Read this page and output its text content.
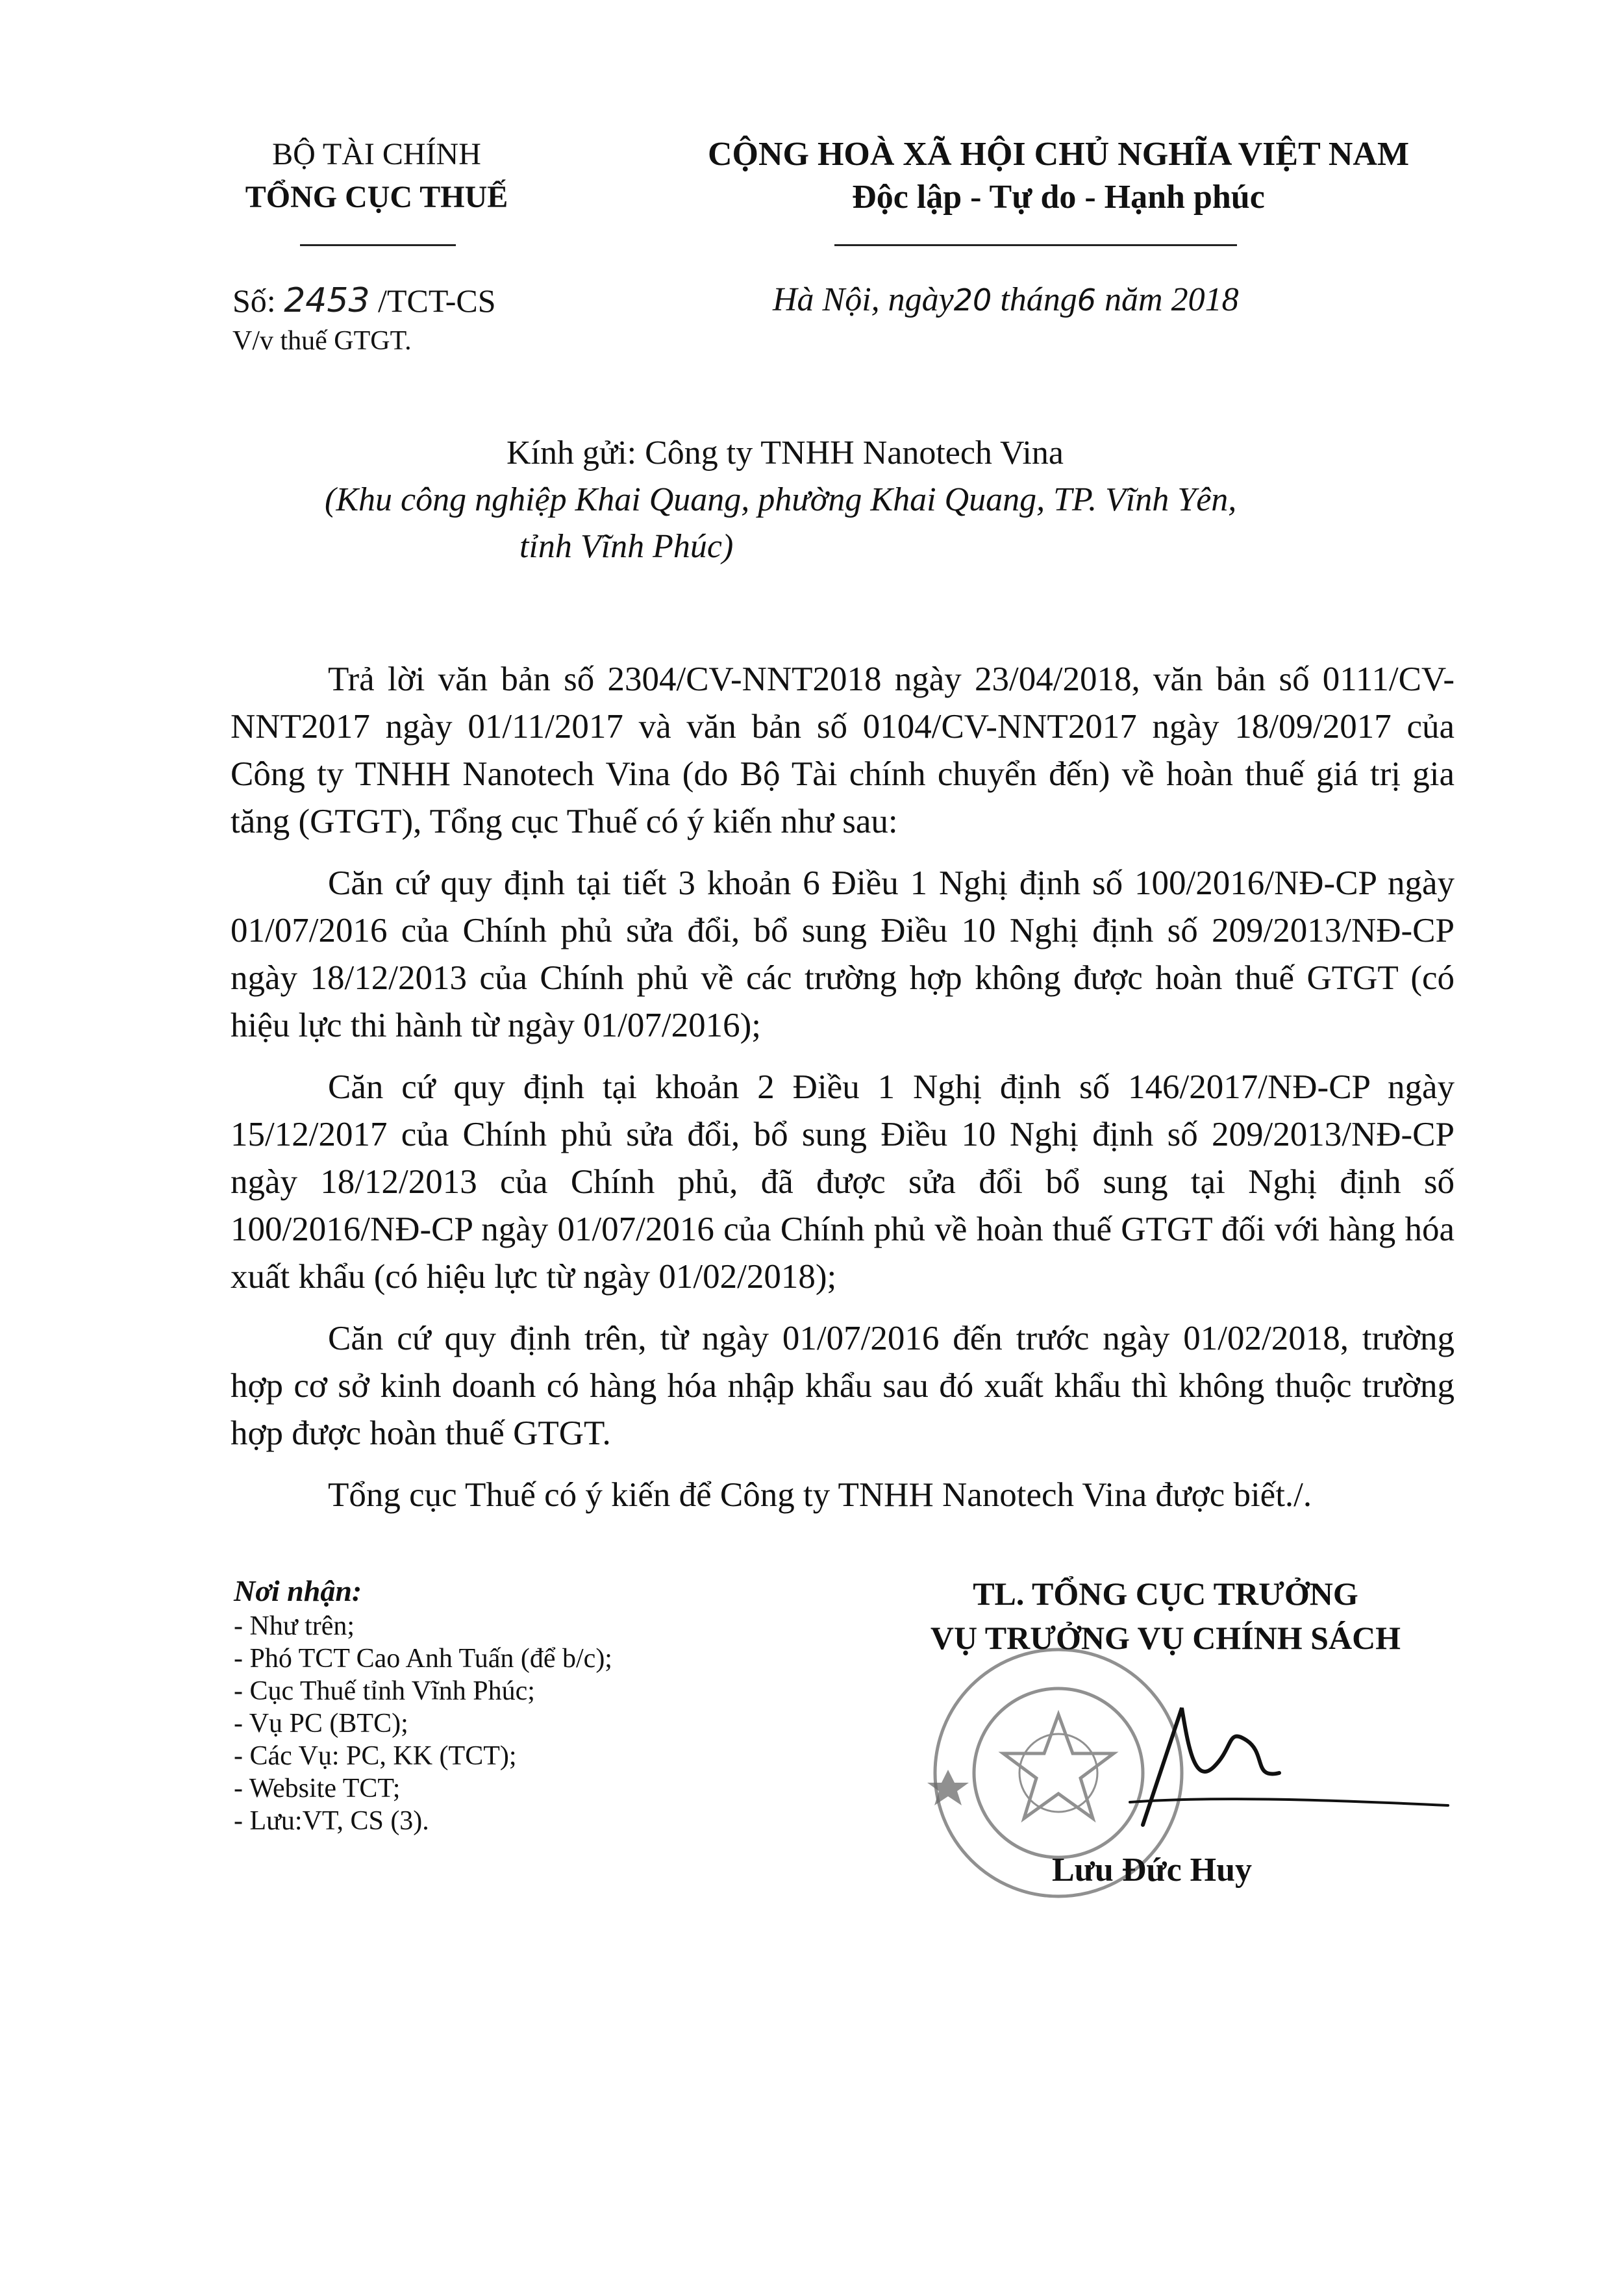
BỘ TÀI CHÍNH
TỔNG CỤC THUẾ
CỘNG HOÀ XÃ HỘI CHỦ NGHĨA VIỆT NAM
Độc lập - Tự do - Hạnh phúc
Số: 2453 /TCT-CS
V/v thuế GTGT.
Hà Nội, ngày20 tháng6 năm 2018
Kính gửi: Công ty TNHH Nanotech Vina
(Khu công nghiệp Khai Quang, phường Khai Quang, TP. Vĩnh Yên,
tỉnh Vĩnh Phúc)

Trả lời văn bản số 2304/CV-NNT2018 ngày 23/04/2018, văn bản số 0111/CV-NNT2017 ngày 01/11/2017 và văn bản số 0104/CV-NNT2017 ngày 18/09/2017 của Công ty TNHH Nanotech Vina (do Bộ Tài chính chuyển đến) về hoàn thuế giá trị gia tăng (GTGT), Tổng cục Thuế có ý kiến như sau:

Căn cứ quy định tại tiết 3 khoản 6 Điều 1 Nghị định số 100/2016/NĐ-CP ngày 01/07/2016 của Chính phủ sửa đổi, bổ sung Điều 10 Nghị định số 209/2013/NĐ-CP ngày 18/12/2013 của Chính phủ về các trường hợp không được hoàn thuế GTGT (có hiệu lực thi hành từ ngày 01/07/2016);

Căn cứ quy định tại khoản 2 Điều 1 Nghị định số 146/2017/NĐ-CP ngày 15/12/2017 của Chính phủ sửa đổi, bổ sung Điều 10 Nghị định số 209/2013/NĐ-CP ngày 18/12/2013 của Chính phủ, đã được sửa đổi bổ sung tại Nghị định số 100/2016/NĐ-CP ngày 01/07/2016 của Chính phủ về hoàn thuế GTGT đối với hàng hóa xuất khẩu (có hiệu lực từ ngày 01/02/2018);

Căn cứ quy định trên, từ ngày 01/07/2016 đến trước ngày 01/02/2018, trường hợp cơ sở kinh doanh có hàng hóa nhập khẩu sau đó xuất khẩu thì không thuộc trường hợp được hoàn thuế GTGT.

Tổng cục Thuế có ý kiến để Công ty TNHH Nanotech Vina được biết./.

Nơi nhận:
- Như trên;
- Phó TCT Cao Anh Tuấn (để b/c);
- Cục Thuế tỉnh Vĩnh Phúc;
- Vụ PC (BTC);
- Các Vụ: PC, KK (TCT);
- Website TCT;
- Lưu:VT, CS (3).
TL. TỔNG CỤC TRƯỞNG
VỤ TRƯỞNG VỤ CHÍNH SÁCH
Lưu Đức Huy
